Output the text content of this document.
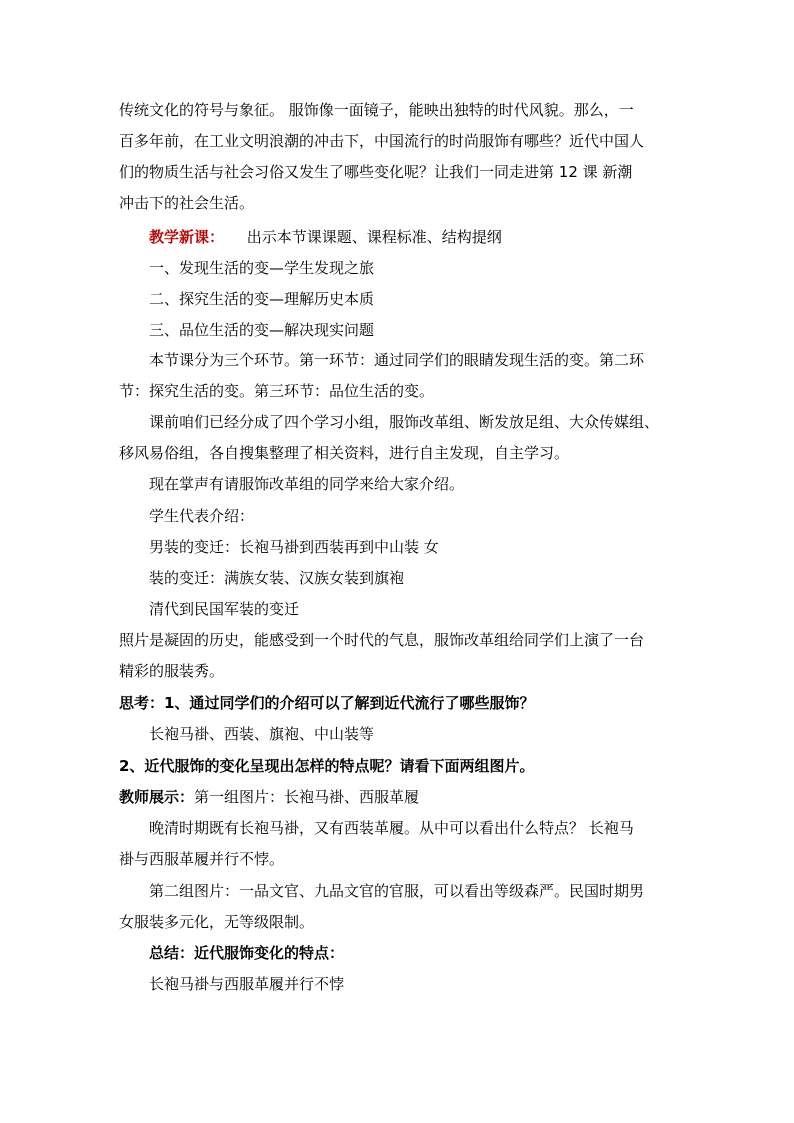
传统文化的符号与象征。 服饰像一面镜子，能映出独特的时代风貌。那么，一
百多年前，在工业文明浪潮的冲击下，中国流行的时尚服饰有哪些？近代中国人
们的物质生活与社会习俗又发生了哪些变化呢？让我们一同走进第 12 课 新潮
冲击下的社会生活。
教学新课： 出示本节课课题、课程标准、结构提纲
一、发现生活的变—学生发现之旅
二、探究生活的变—理解历史本质
三、品位生活的变—解决现实问题
本节课分为三个环节。第一环节：通过同学们的眼睛发现生活的变。第二环
节：探究生活的变。第三环节：品位生活的变。
课前咱们已经分成了四个学习小组，服饰改革组、断发放足组、大众传媒组、
移风易俗组，各自搜集整理了相关资料，进行自主发现，自主学习。
现在掌声有请服饰改革组的同学来给大家介绍。
学生代表介绍：
男装的变迁：长袍马褂到西装再到中山装 女
装的变迁：满族女装、汉族女装到旗袍
清代到民国军装的变迁
照片是凝固的历史，能感受到一个时代的气息，服饰改革组给同学们上演了一台
精彩的服装秀。
思考：1、通过同学们的介绍可以了解到近代流行了哪些服饰？
长袍马褂、西装、旗袍、中山装等
2、近代服饰的变化呈现出怎样的特点呢？请看下面两组图片。
教师展示：第一组图片：长袍马褂、西服革履
晚清时期既有长袍马褂，又有西装革履。从中可以看出什么特点？ 长袍马
褂与西服革履并行不悖。
第二组图片：一品文官、九品文官的官服，可以看出等级森严。民国时期男
女服装多元化，无等级限制。
总结：近代服饰变化的特点：
长袍马褂与西服革履并行不悖
